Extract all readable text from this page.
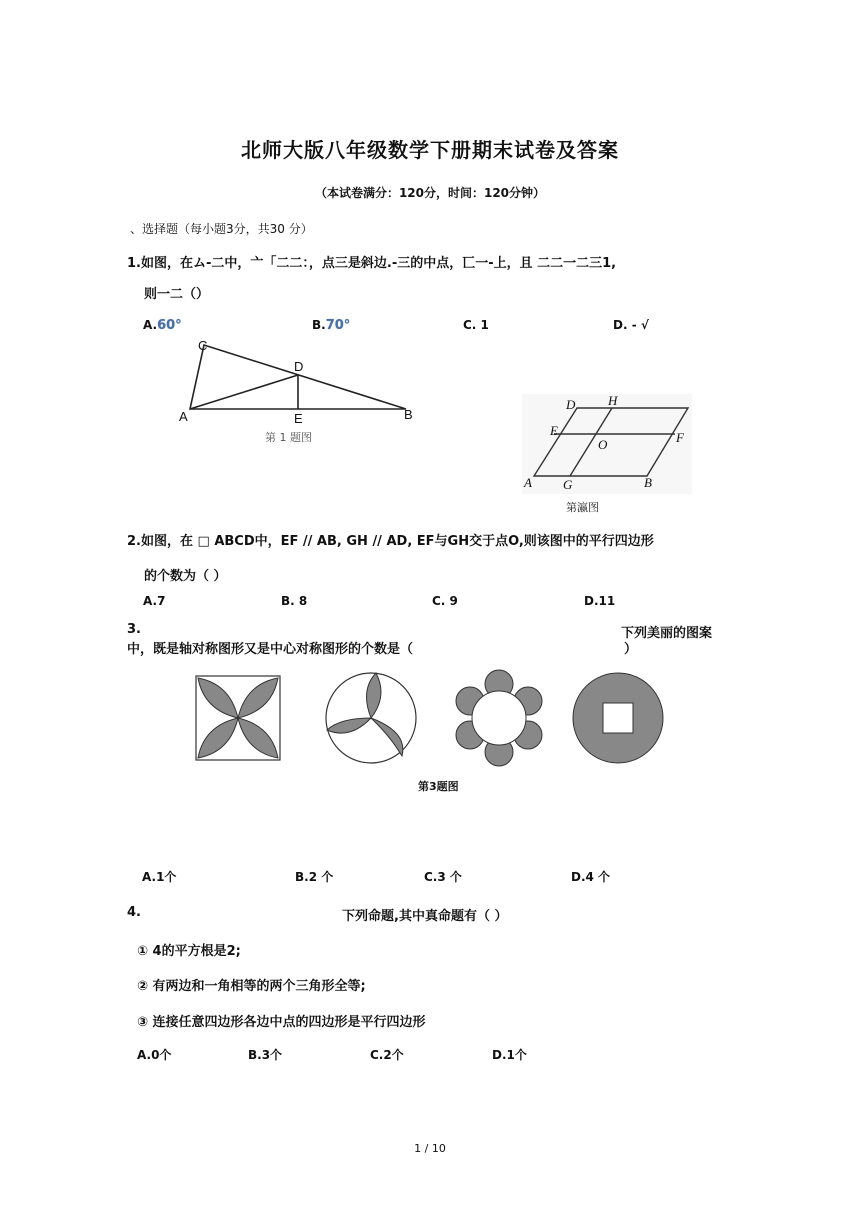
北师大版八年级数学下册期末试卷及答案
（本试卷满分：120分，时间：120分钟）
、选择题（每小题3分，共30 分）
1.如图，在ム-二中，亠「二二：，点三是斜边.-三的中点，匸一-上，且 二二一二三1,
则一二（）
A.60°	B.70°	C. 1	D. - √
C
D
A	E	B
第 1 题图
D	H
E
O	F
A G	B
第瀛图
2.如图，在 □ ABCD中，EF // AB, GH // AD, EF与GH交于点O,则该图中的平行四边形
的个数为（ ）
A.7	B. 8	C. 9	D.11
3.	下列美丽的图案
中，既是轴对称图形又是中心对称图形的个数是（	）
第3题图
A.1个	B.2 个	C.3 个	D.4 个
4.	下列命题,其中真命题有（ ）
① 4的平方根是2;
② 有两边和一角相等的两个三角形全等;
③ 连接任意四边形各边中点的四边形是平行四边形
A.0个	B.3个	C.2个	D.1个
1 / 10
